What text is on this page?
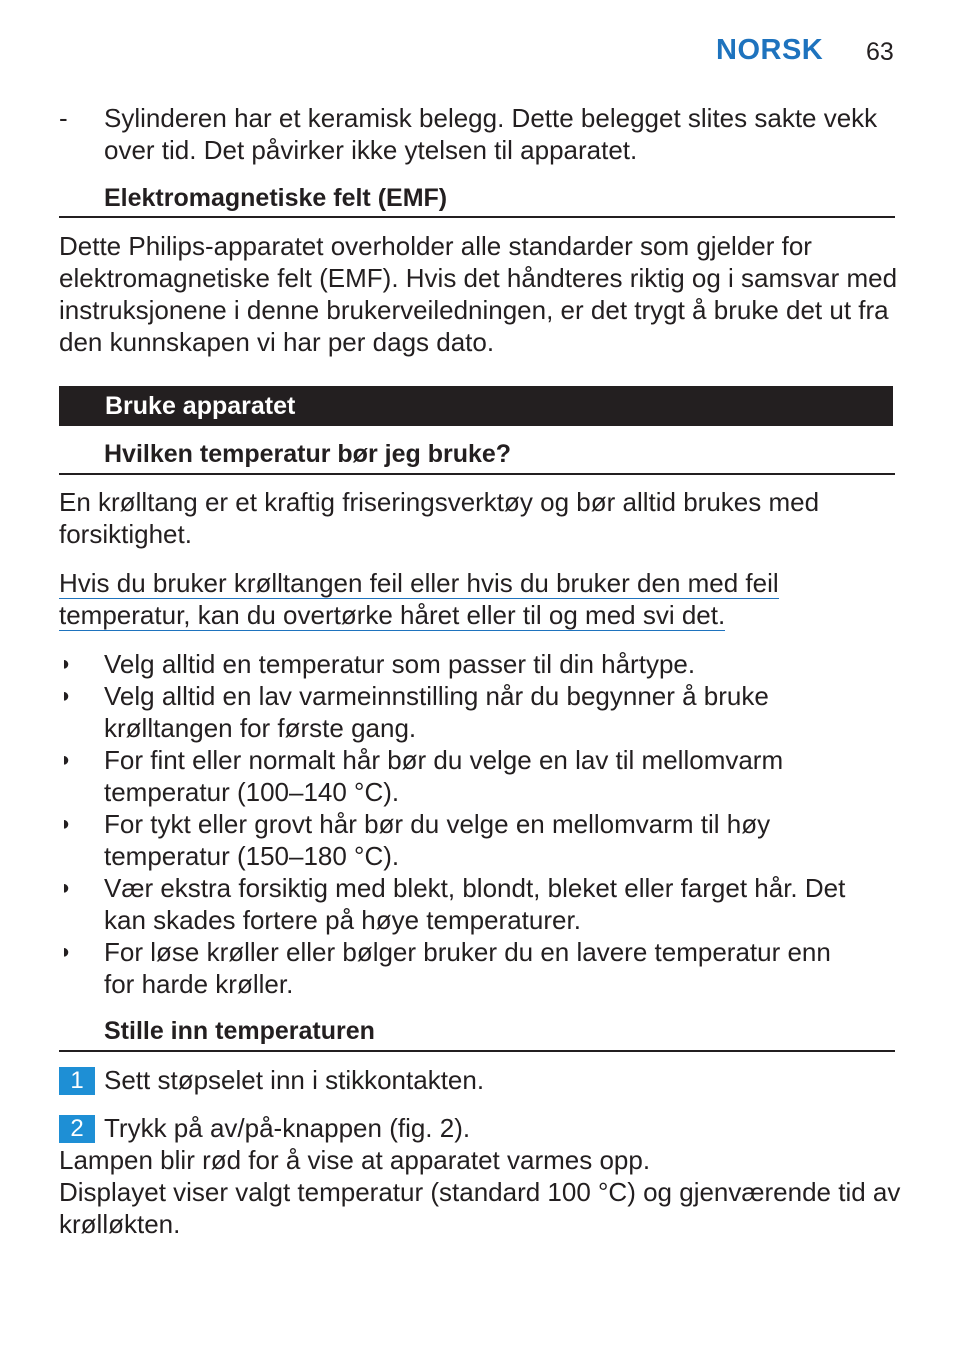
NORSK 63
- Sylinderen har et keramisk belegg. Dette belegget slites sakte vekk
over tid. Det påvirker ikke ytelsen til apparatet.
Elektromagnetiske felt (EMF)
Dette Philips-apparatet overholder alle standarder som gjelder for
elektromagnetiske felt (EMF). Hvis det håndteres riktig og i samsvar med
instruksjonene i denne brukerveiledningen, er det trygt å bruke det ut fra
den kunnskapen vi har per dags dato.
Bruke apparatet
Hvilken temperatur bør jeg bruke?
En krølltang er et kraftig friseringsverktøy og bør alltid brukes med
forsiktighet.
Hvis du bruker krølltangen feil eller hvis du bruker den med feil
temperatur, kan du overtørke håret eller til og med svi det.
◗ Velg alltid en temperatur som passer til din hårtype.
◗ Velg alltid en lav varmeinnstilling når du begynner å bruke
krølltangen for første gang.
◗ For fint eller normalt hår bør du velge en lav til mellomvarm
temperatur (100–140 °C).
◗ For tykt eller grovt hår bør du velge en mellomvarm til høy
temperatur (150–180 °C).
◗ Vær ekstra forsiktig med blekt, blondt, bleket eller farget hår. Det
kan skades fortere på høye temperaturer.
◗ For løse krøller eller bølger bruker du en lavere temperatur enn
for harde krøller.
Stille inn temperaturen
1 Sett støpselet inn i stikkontakten.
2 Trykk på av/på-knappen (fig. 2).
Lampen blir rød for å vise at apparatet varmes opp.
Displayet viser valgt temperatur (standard 100 °C) og gjenværende tid av
krølløkten.
